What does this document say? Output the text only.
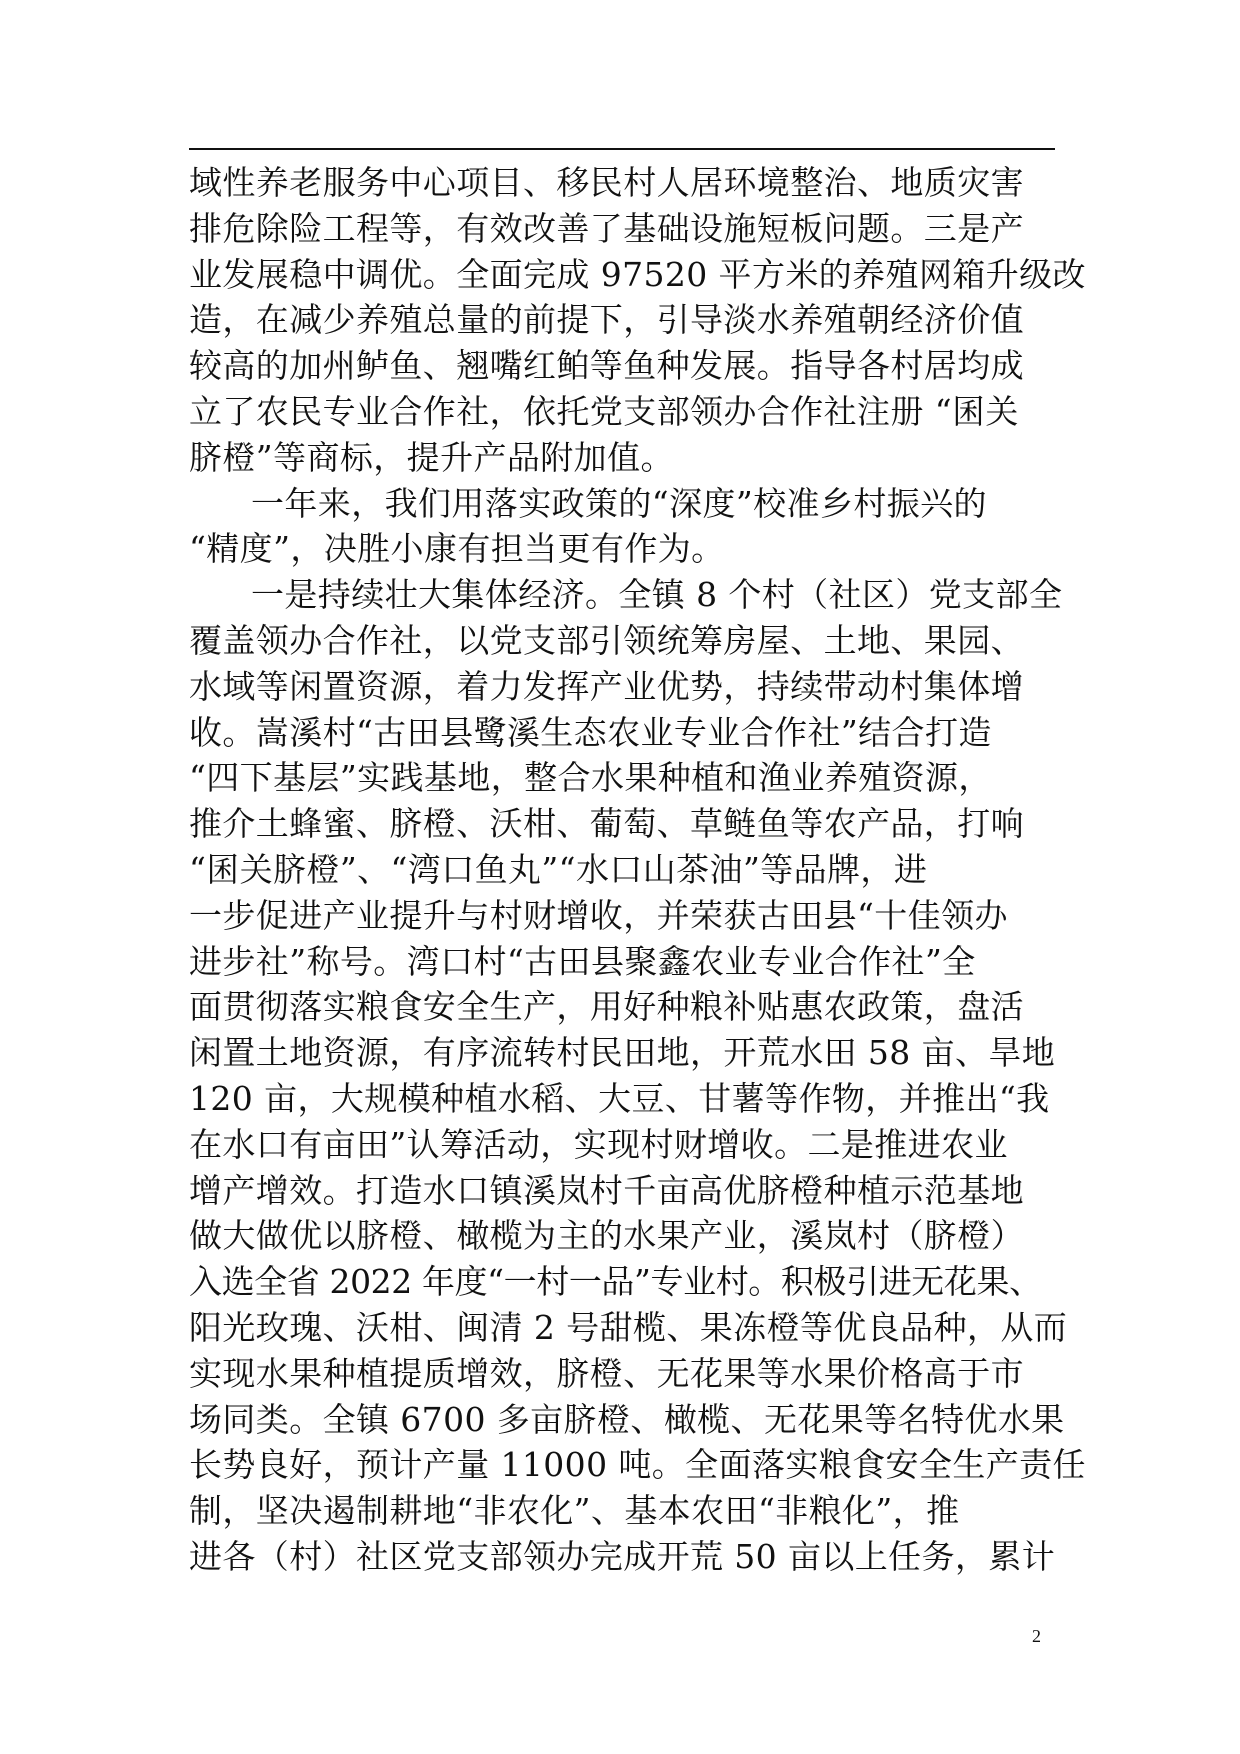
域性养老服务中心项目、移民村人居环境整治、地质灾害
排危除险工程等，有效改善了基础设施短板问题。三是产
业发展稳中调优。全面完成 97520 平方米的养殖网箱升级改
造，在减少养殖总量的前提下，引导淡水养殖朝经济价值
较高的加州鲈鱼、翘嘴红鲌等鱼种发展。指导各村居均成
立了农民专业合作社，依托党支部领办合作社注册 “囷关
脐橙”等商标，提升产品附加值。
一年来，我们用落实政策的“深度”校准乡村振兴的
“精度”，决胜小康有担当更有作为。
一是持续壮大集体经济。全镇 8 个村（社区）党支部全
覆盖领办合作社，以党支部引领统筹房屋、土地、果园、
水域等闲置资源，着力发挥产业优势，持续带动村集体增
收。嵩溪村“古田县鹭溪生态农业专业合作社”结合打造
“四下基层”实践基地，整合水果种植和渔业养殖资源，
推介土蜂蜜、脐橙、沃柑、葡萄、草鲢鱼等农产品，打响
“囷关脐橙”、“湾口鱼丸”“水口山茶油”等品牌，进
一步促进产业提升与村财增收，并荣获古田县“十佳领办
进步社”称号。湾口村“古田县聚鑫农业专业合作社”全
面贯彻落实粮食安全生产，用好种粮补贴惠农政策，盘活
闲置土地资源，有序流转村民田地，开荒水田 58 亩、旱地
120 亩，大规模种植水稻、大豆、甘薯等作物，并推出“我
在水口有亩田”认筹活动，实现村财增收。二是推进农业
增产增效。打造水口镇溪岚村千亩高优脐橙种植示范基地
做大做优以脐橙、橄榄为主的水果产业，溪岚村（脐橙）
入选全省 2022 年度“一村一品”专业村。积极引进无花果、
阳光玫瑰、沃柑、闽清 2 号甜榄、果冻橙等优良品种，从而
实现水果种植提质增效，脐橙、无花果等水果价格高于市
场同类。全镇 6700 多亩脐橙、橄榄、无花果等名特优水果
长势良好，预计产量 11000 吨。全面落实粮食安全生产责任
制，坚决遏制耕地“非农化”、基本农田“非粮化”，推
进各（村）社区党支部领办完成开荒 50 亩以上任务，累计
2
